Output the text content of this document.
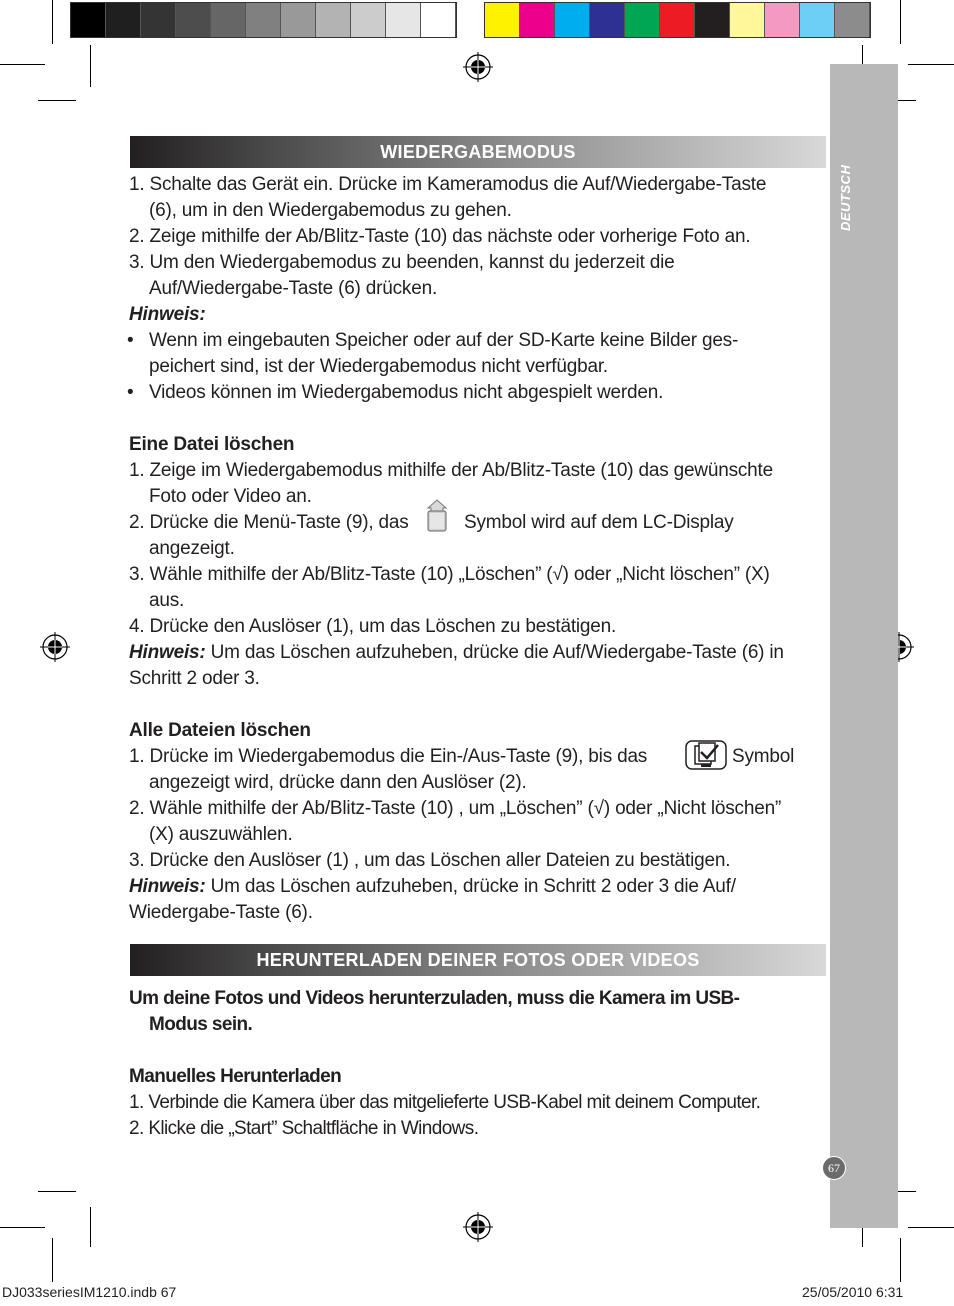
DEUTSCH
WIEDERGABEMODUS
1. Schalte das Gerät ein. Drücke im Kameramodus die Auf/Wiedergabe-Taste
(6), um in den Wiedergabemodus zu gehen.
2. Zeige mithilfe der Ab/Blitz-Taste (10) das nächste oder vorherige Foto an.
3. Um den Wiedergabemodus zu beenden, kannst du jederzeit die
Auf/Wiedergabe-Taste (6) drücken.
Hinweis:
• Wenn im eingebauten Speicher oder auf der SD-Karte keine Bilder ges-
peichert sind, ist der Wiedergabemodus nicht verfügbar.
• Videos können im Wiedergabemodus nicht abgespielt werden.
Eine Datei löschen
1. Zeige im Wiedergabemodus mithilfe der Ab/Blitz-Taste (10) das gewünschte
Foto oder Video an.
2. Drücke die Menü-Taste (9), das	Symbol wird auf dem LC-Display
angezeigt.
3. Wähle mithilfe der Ab/Blitz-Taste (10) „Löschen” (√) oder „Nicht löschen” (X)
aus.
4. Drücke den Auslöser (1), um das Löschen zu bestätigen.
Hinweis: Um das Löschen aufzuheben, drücke die Auf/Wiedergabe-Taste (6) in
Schritt 2 oder 3.
Alle Dateien löschen
1. Drücke im Wiedergabemodus die Ein-/Aus-Taste (9), bis das	Symbol
angezeigt wird, drücke dann den Auslöser (2).
2. Wähle mithilfe der Ab/Blitz-Taste (10) , um „Löschen” (√) oder „Nicht löschen”
(X) auszuwählen.
3. Drücke den Auslöser (1) , um das Löschen aller Dateien zu bestätigen.
Hinweis: Um das Löschen aufzuheben, drücke in Schritt 2 oder 3 die Auf/
Wiedergabe-Taste (6).
HERUNTERLADEN DEINER FOTOS ODER VIDEOS
Um deine Fotos und Videos herunterzuladen, muss die Kamera im USB-
Modus sein.
Manuelles Herunterladen
1. Verbinde die Kamera über das mitgelieferte USB-Kabel mit deinem Computer.
2. Klicke die „Start” Schaltfläche in Windows.
67
DJ033seriesIM1210.indb 67	25/05/2010 6:31
